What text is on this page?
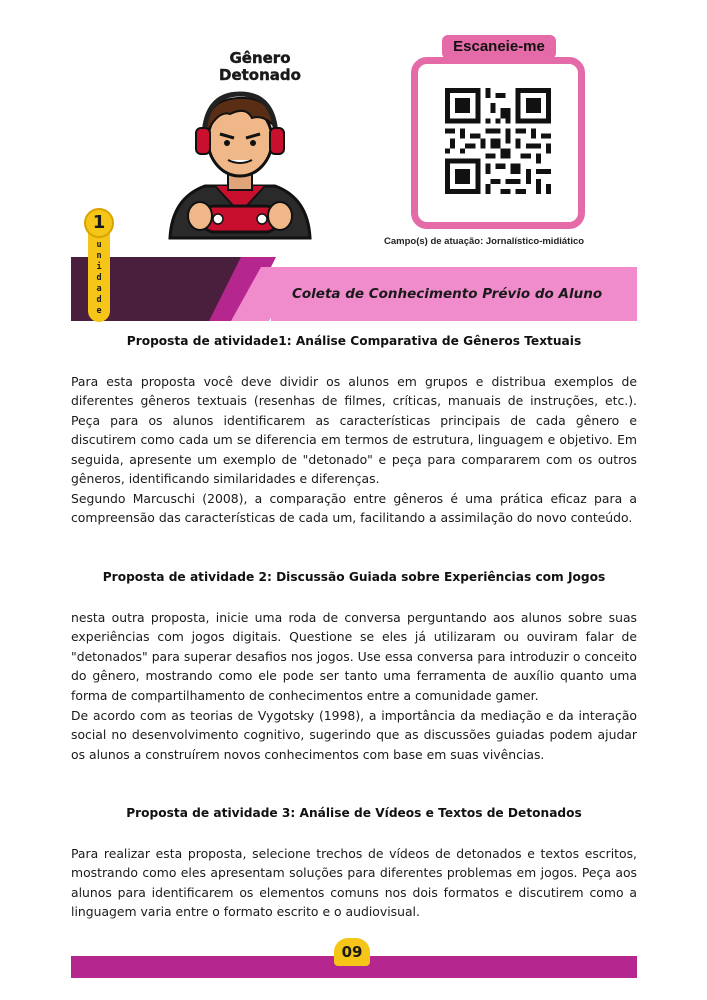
Gênero
Detonado
Escaneie-me
Campo(s) de atuação: Jornalístico-midiático
Coleta de Conhecimento Prévio do Aluno
u
n
i
d
a
d
e
1
Proposta de atividade1: Análise Comparativa de Gêneros Textuais

Para esta proposta você deve dividir os alunos em grupos e distribua exemplos de diferentes gêneros textuais (resenhas de filmes, críticas, manuais de instruções, etc.). Peça para os alunos identificarem as características principais de cada gênero e discutirem como cada um se diferencia em termos de estrutura, linguagem e objetivo. Em seguida, apresente um exemplo de "detonado" e peça para compararem com os outros gêneros, identificando similaridades e diferenças.

Segundo Marcuschi (2008), a comparação entre gêneros é uma prática eficaz para a compreensão das características de cada um, facilitando a assimilação do novo conteúdo.

Proposta de atividade 2: Discussão Guiada sobre Experiências com Jogos

nesta outra proposta, inicie uma roda de conversa perguntando aos alunos sobre suas experiências com jogos digitais. Questione se eles já utilizaram ou ouviram falar de "detonados" para superar desafios nos jogos. Use essa conversa para introduzir o conceito do gênero, mostrando como ele pode ser tanto uma ferramenta de auxílio quanto uma forma de compartilhamento de conhecimentos entre a comunidade gamer.

De acordo com as teorias de Vygotsky (1998), a importância da mediação e da interação social no desenvolvimento cognitivo, sugerindo que as discussões guiadas podem ajudar os alunos a construírem novos conhecimentos com base em suas vivências.

Proposta de atividade 3: Análise de Vídeos e Textos de Detonados

Para realizar esta proposta, selecione trechos de vídeos de detonados e textos escritos, mostrando como eles apresentam soluções para diferentes problemas em jogos. Peça aos alunos para identificarem os elementos comuns nos dois formatos e discutirem como a linguagem varia entre o formato escrito e o audiovisual.

09
